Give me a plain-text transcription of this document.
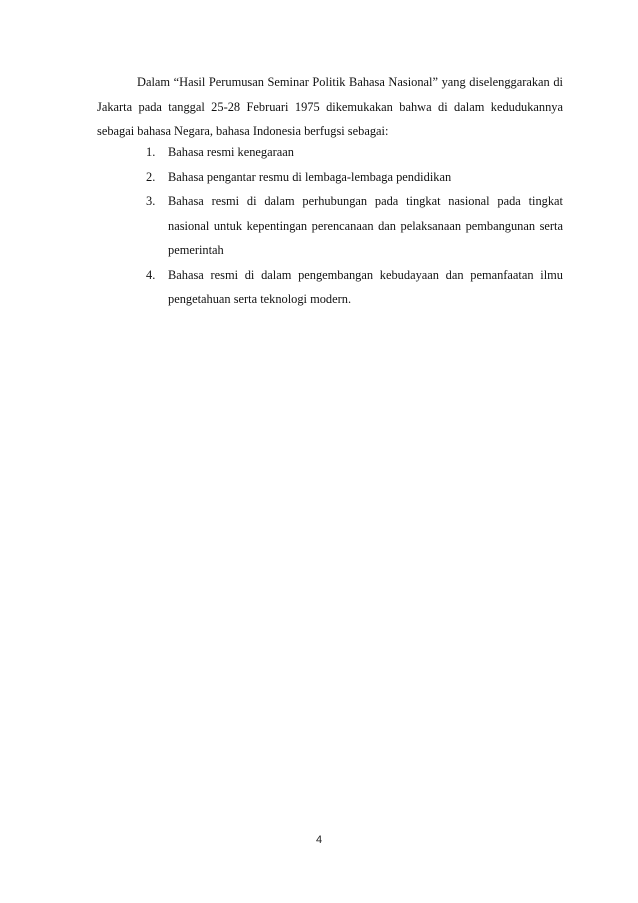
Dalam “Hasil Perumusan Seminar Politik Bahasa Nasional” yang diselenggarakan di Jakarta pada tanggal 25-28 Februari 1975 dikemukakan bahwa di dalam kedudukannya sebagai bahasa Negara, bahasa Indonesia berfugsi sebagai:

1. Bahasa resmi kenegaraan
2. Bahasa pengantar resmu di lembaga-lembaga pendidikan
3. Bahasa resmi di dalam perhubungan pada tingkat nasional pada tingkat nasional untuk kepentingan perencanaan dan pelaksanaan pembangunan serta pemerintah
4. Bahasa resmi di dalam pengembangan kebudayaan dan pemanfaatan ilmu pengetahuan serta teknologi modern.
4
